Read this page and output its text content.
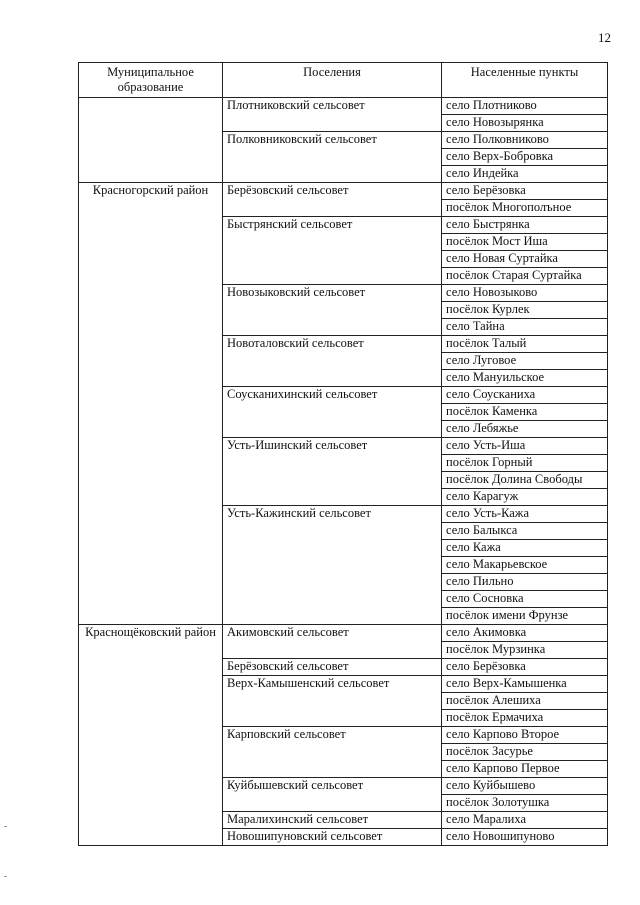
12
Муниципальное образование	Поселения	Населенные пункты
	Плотниковский сельсовет	село Плотниково
		село Новозырянка
	Полковниковский сельсовет	село Полковниково
		село Верх-Бобровка
		село Индейка
Красногорский район	Берёзовский сельсовет	село Берёзовка
		посёлок Многополъное
	Быстрянский сельсовет	село Быстрянка
		посёлок Мост Иша
		село Новая Суртайка
		посёлок Старая Суртайка
	Новозыковский сельсовет	село Новозыково
		посёлок Курлек
		село Тайна
	Новоталовский сельсовет	посёлок Талый
		село Луговое
		село Мануильское
	Соусканихинский сельсовет	село Соусканиха
		посёлок Каменка
		село Лебяжье
	Усть-Ишинский сельсовет	село Усть-Иша
		посёлок Горный
		посёлок Долина Свободы
		село Карагуж
	Усть-Кажинский сельсовет	село Усть-Кажа
		село Балыкса
		село Кажа
		село Макарьевское
		село Пильно
		село Сосновка
		посёлок имени Фрунзе
Краснощёковский район	Акимовский сельсовет	село Акимовка
		посёлок Мурзинка
	Берёзовский сельсовет	село Берёзовка
	Верх-Камышенский сельсовет	село Верх-Камышенка
		посёлок Алешиха
		посёлок Ермачиха
	Карповский сельсовет	село Карпово Второе
		посёлок Засурье
		село Карпово Первое
	Куйбышевский сельсовет	село Куйбышево
		посёлок Золотушка
	Маралихинский сельсовет	село Маралиха
	Новошипуновский сельсовет	село Новошипуново
